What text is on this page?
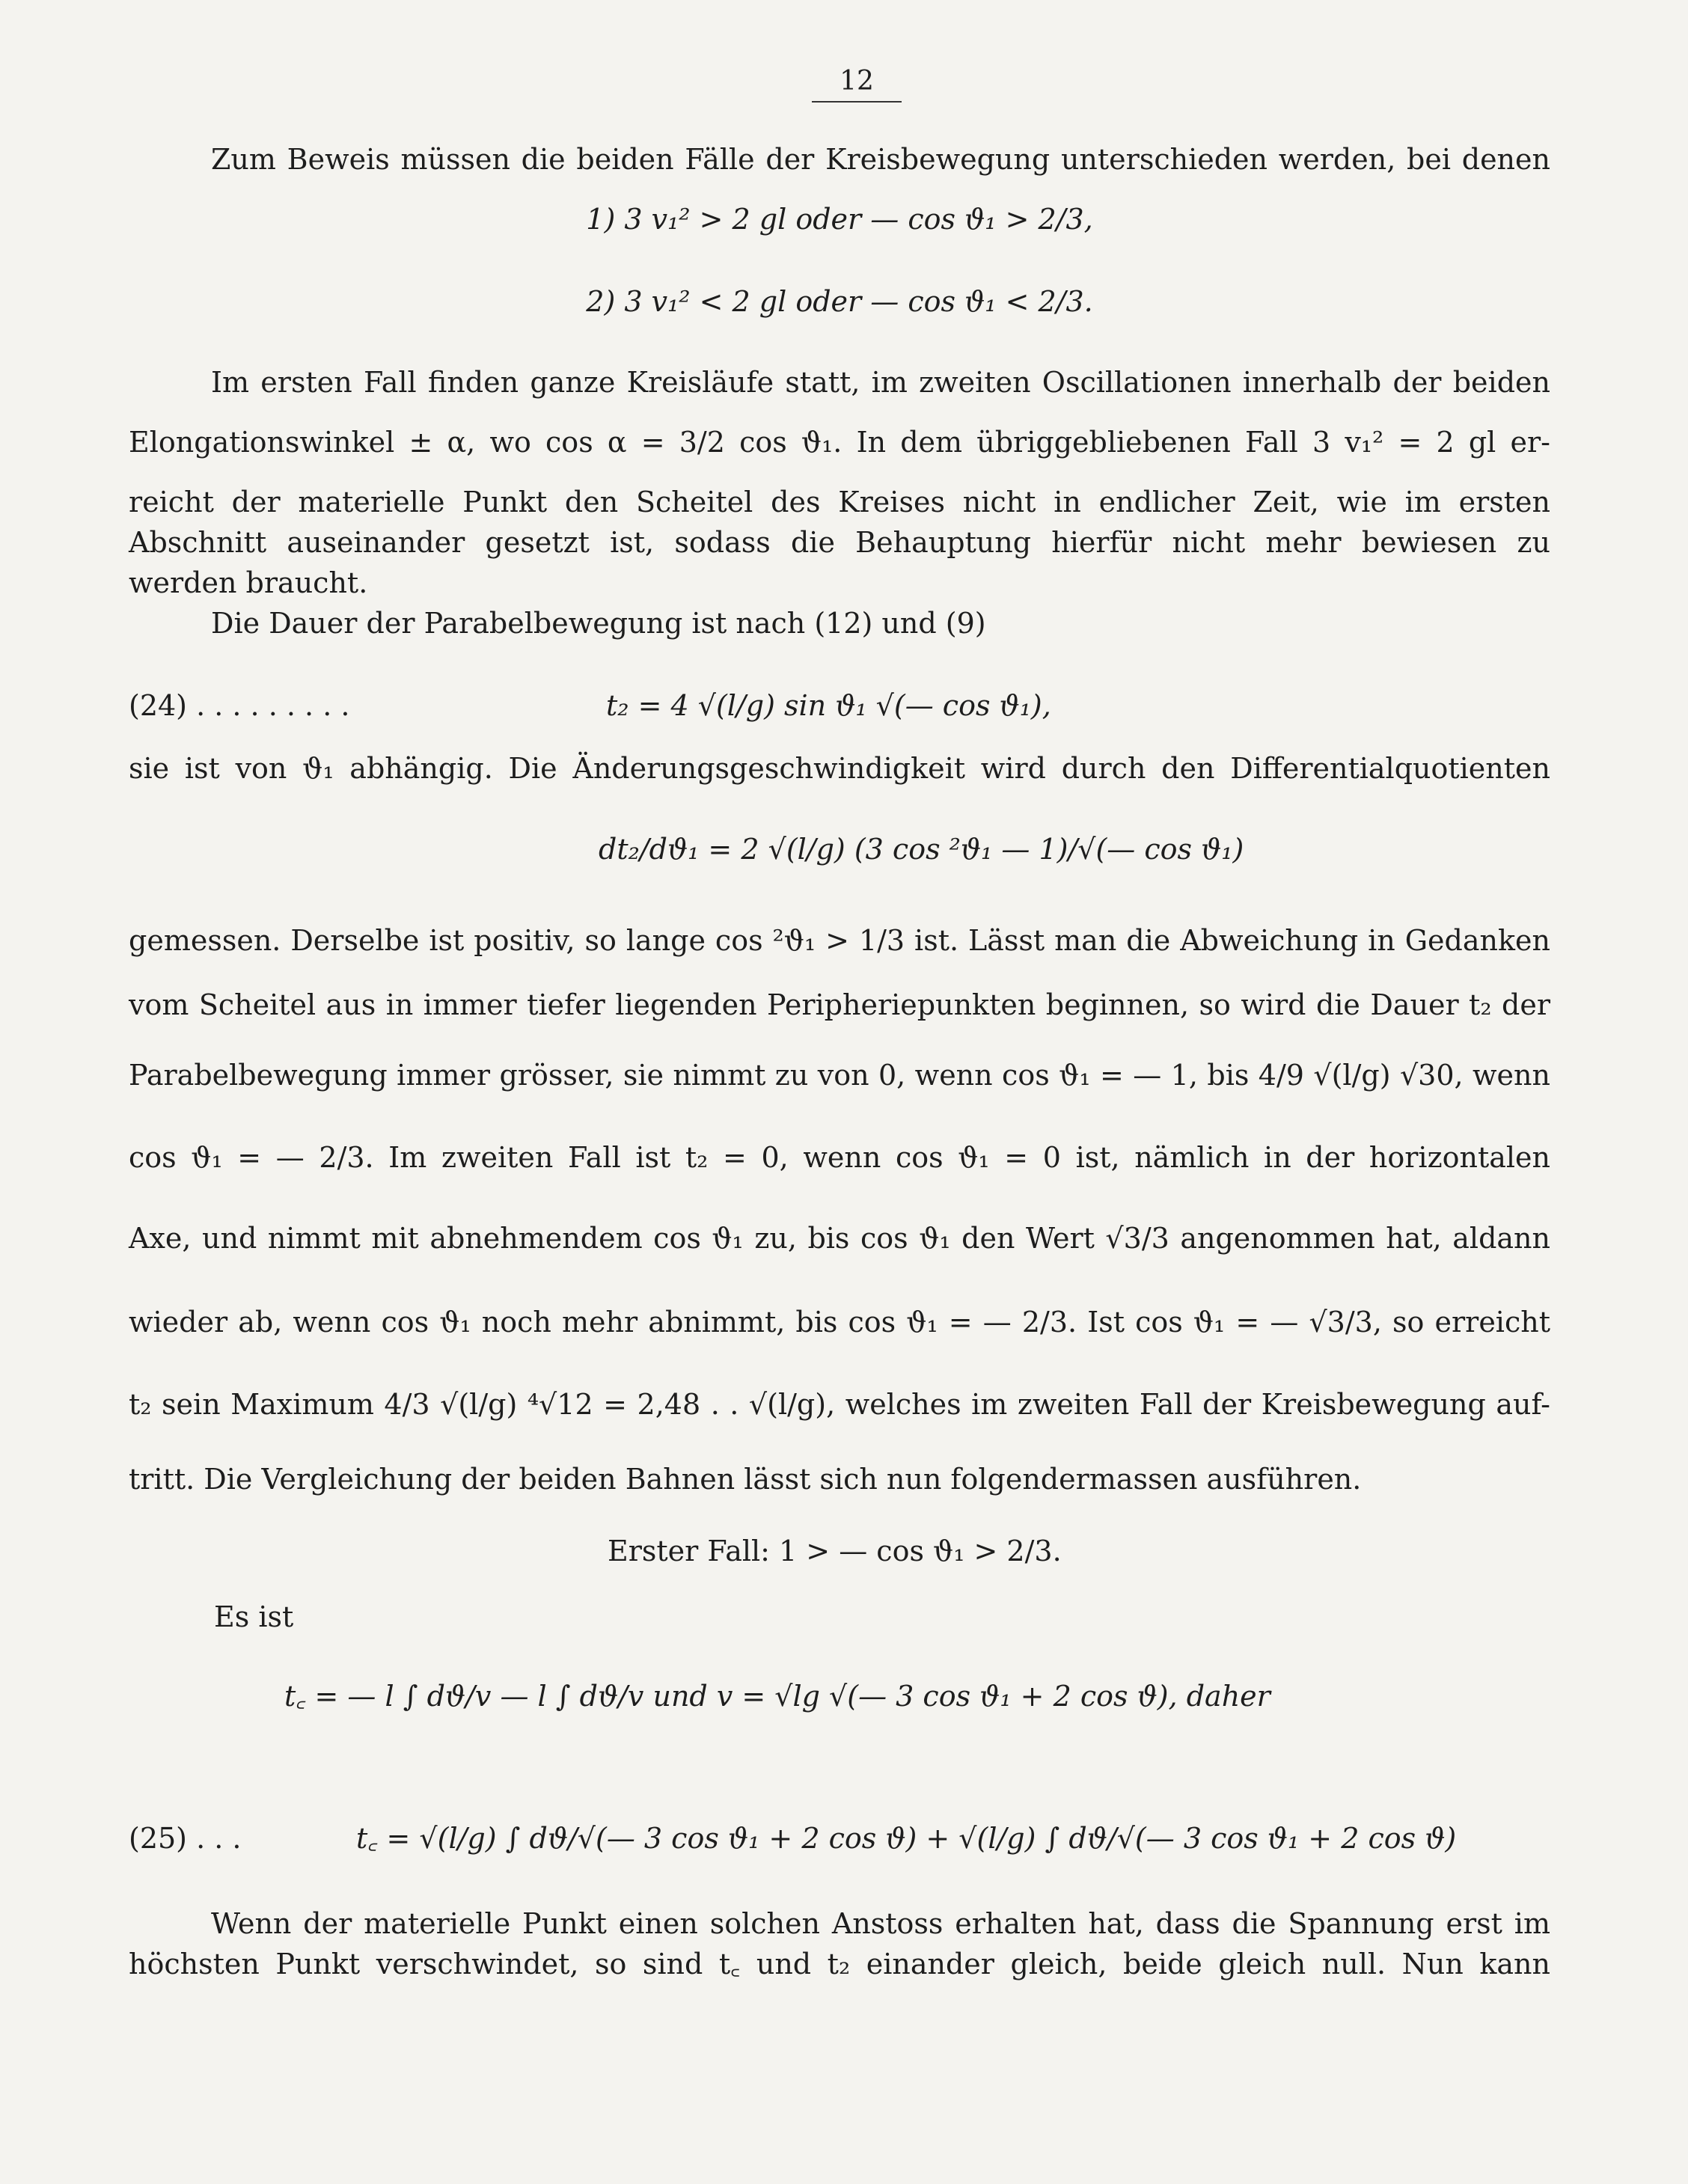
12
Zum Beweis müssen die beiden Fälle der Kreisbewegung unterschieden werden, bei denen
1) 3 v₁² > 2 gl oder — cos ϑ₁ > 2/3,
2) 3 v₁² < 2 gl oder — cos ϑ₁ < 2/3.
Im ersten Fall finden ganze Kreisläufe statt, im zweiten Oscillationen innerhalb der beiden
Elongationswinkel ± α, wo cos α = 3/2 cos ϑ₁. In dem übriggebliebenen Fall 3 v₁² = 2 gl er-
reicht der materielle Punkt den Scheitel des Kreises nicht in endlicher Zeit, wie im ersten
Abschnitt auseinander gesetzt ist, sodass die Behauptung hierfür nicht mehr bewiesen zu
werden braucht.
Die Dauer der Parabelbewegung ist nach (12) und (9)
(24) . . . . . . . . .	t₂ = 4 √(l/g) sin ϑ₁ √(— cos ϑ₁),
sie ist von ϑ₁ abhängig. Die Änderungsgeschwindigkeit wird durch den Differentialquotienten
dt₂/dϑ₁ = 2 √(l/g) (3 cos ²ϑ₁ — 1)/√(— cos ϑ₁)
gemessen. Derselbe ist positiv, so lange cos ²ϑ₁ > 1/3 ist. Lässt man die Abweichung in Gedanken
vom Scheitel aus in immer tiefer liegenden Peripheriepunkten beginnen, so wird die Dauer t₂ der
Parabelbewegung immer grösser, sie nimmt zu von 0, wenn cos ϑ₁ = — 1, bis 4/9 √(l/g) √30, wenn
cos ϑ₁ = — 2/3. Im zweiten Fall ist t₂ = 0, wenn cos ϑ₁ = 0 ist, nämlich in der horizontalen
Axe, und nimmt mit abnehmendem cos ϑ₁ zu, bis cos ϑ₁ den Wert √3/3 angenommen hat, aldann
wieder ab, wenn cos ϑ₁ noch mehr abnimmt, bis cos ϑ₁ = — 2/3. Ist cos ϑ₁ = — √3/3, so erreicht
t₂ sein Maximum 4/3 √(l/g) ⁴√12 = 2,48 . . √(l/g), welches im zweiten Fall der Kreisbewegung auf-
tritt. Die Vergleichung der beiden Bahnen lässt sich nun folgendermassen ausführen.
Erster Fall: 1 > — cos ϑ₁ > 2/3.
Es ist
t꜀ = — l ∫ dϑ/v — l ∫ dϑ/v und v = √lg √(— 3 cos ϑ₁ + 2 cos ϑ), daher
(25) . . .	t꜀ = √(l/g) ∫ dϑ/√(— 3 cos ϑ₁ + 2 cos ϑ) + √(l/g) ∫ dϑ/√(— 3 cos ϑ₁ + 2 cos ϑ)
Wenn der materielle Punkt einen solchen Anstoss erhalten hat, dass die Spannung erst im
höchsten Punkt verschwindet, so sind t꜀ und t₂ einander gleich, beide gleich null. Nun kann
